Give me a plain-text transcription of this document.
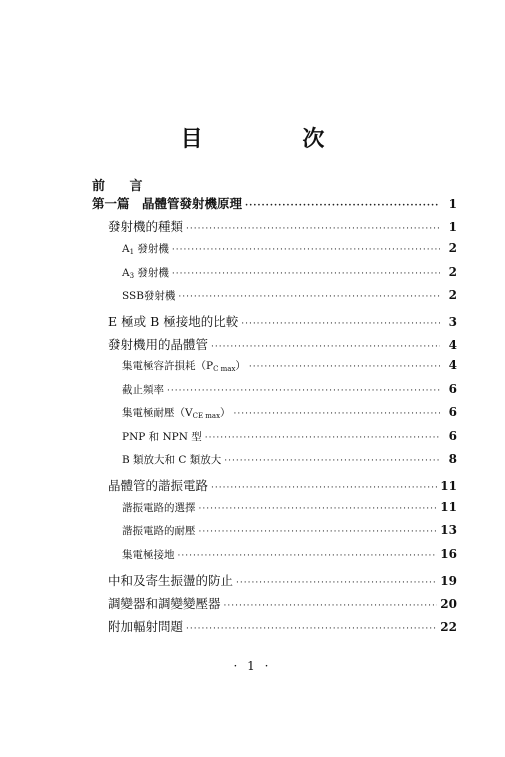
目 次
前 言
第一篇　晶體管發射機原理 ·····	1
發射機的種類 ·····	1
$A_1$ 發射機 ·····	2
$A_3$ 發射機 ·····	2
SSB發射機 ·····	2
E 極或 B 極接地的比較 ·····	3
發射機用的晶體管 ·····	4
集電極容許損耗$(P_{C max})$ ·····	4
截止頻率 ·····	6
集電極耐壓$(V_{CE max})$ ·····	6
PNP 和 NPN 型 ·····	6
B 類放大和 C 類放大 ·····	8
晶體管的諧振電路 ·····	11
諧振電路的選擇 ·····	11
諧振電路的耐壓 ·····	13
集電極接地 ·····	16
中和及寄生振盪的防止 ·····	19
調變器和調變變壓器 ·····	20
附加輻射問題 ·····	22
· 1 ·
